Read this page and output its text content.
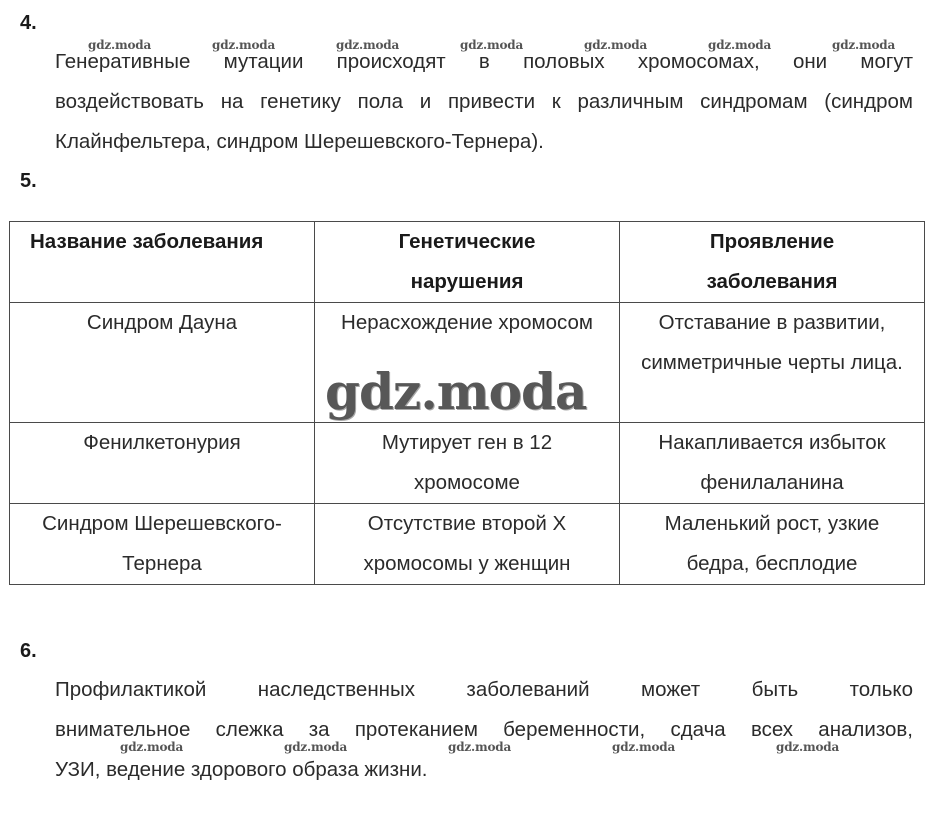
4.
gdz.moda	gdz.moda	gdz.moda	gdz.moda	gdz.moda	gdz.moda	gdz.moda
Генеративные мутации происходят в половых хромосомах, они могут
воздействовать на генетику пола и привести к различным синдромам (синдром
Клайнфельтера, синдром Шерешевского-Тернера).
5.
Название заболевания	Генетические нарушения	Проявление заболевания
Синдром Дауна	Нерасхождение хромосом	Отставание в развитии, симметричные черты лица.
Фенилкетонурия	Мутирует ген в 12 хромосоме	Накапливается избыток фенилаланина
Синдром Шерешевского-Тернера	Отсутствие второй Х хромосомы у женщин	Маленький рост, узкие бедра, бесплодие
gdz.moda
6.
Профилактикой наследственных заболеваний может быть только
внимательное слежка за протеканием беременности, сдача всех анализов,
УЗИ, ведение здорового образа жизни.
gdz.moda	gdz.moda	gdz.moda	gdz.moda	gdz.moda
